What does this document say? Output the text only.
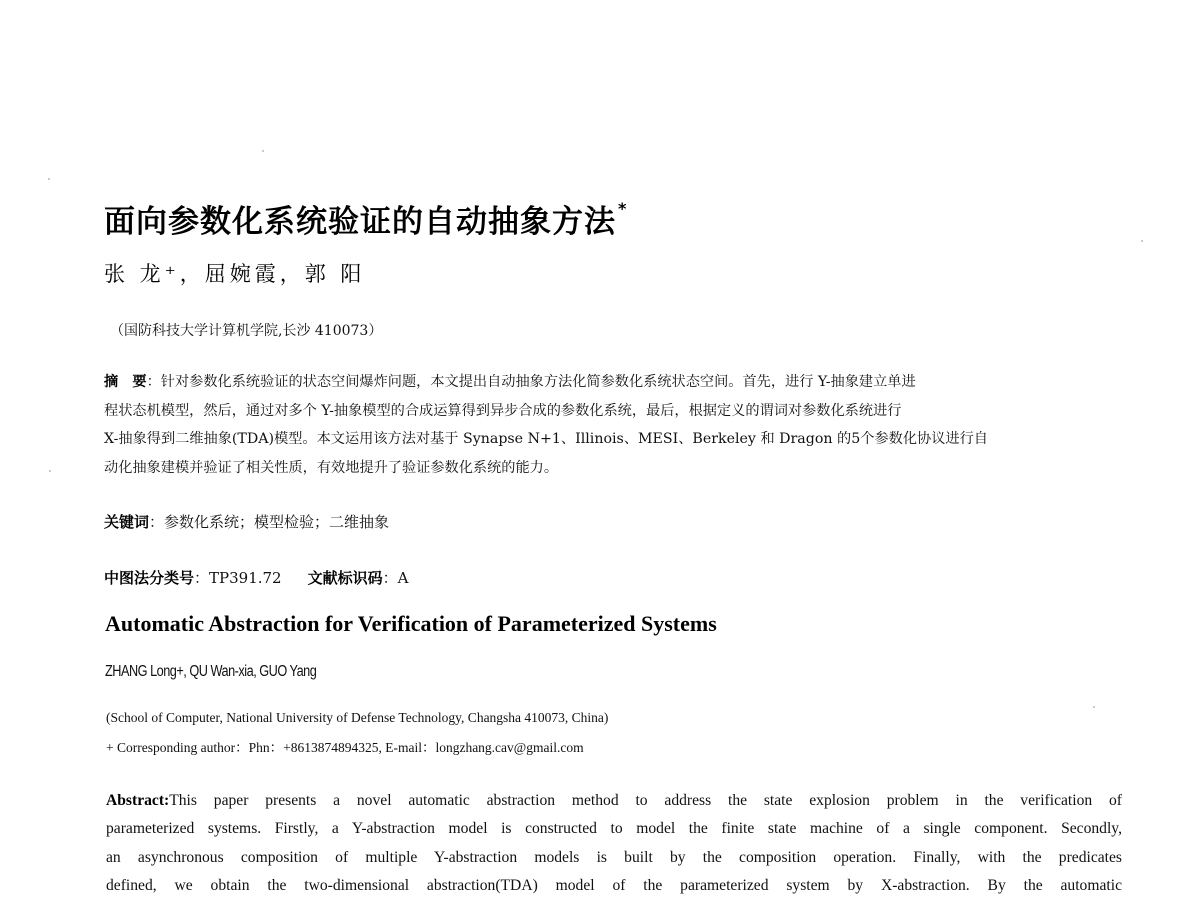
面向参数化系统验证的自动抽象方法 *
张 龙⁺，屈婉霞，郭 阳
（国防科技大学计算机学院,长沙 410073）
摘　要：针对参数化系统验证的状态空间爆炸问题，本文提出自动抽象方法化简参数化系统状态空间。首先，进行 Y-抽象建立单进
程状态机模型，然后，通过对多个 Y-抽象模型的合成运算得到异步合成的参数化系统，最后，根据定义的谓词对参数化系统进行
X-抽象得到二维抽象(TDA)模型。本文运用该方法对基于 Synapse N+1、Illinois、MESI、Berkeley 和 Dragon 的5个参数化协议进行自
动化抽象建模并验证了相关性质，有效地提升了验证参数化系统的能力。
关键词：参数化系统；模型检验；二维抽象
中图法分类号：TP391.72 文献标识码：A
Automatic Abstraction for Verification of Parameterized Systems
ZHANG Long+, QU Wan-xia, GUO Yang
(School of Computer, National University of Defense Technology, Changsha 410073, China)
+ Corresponding author：Phn：+8613874894325, E-mail：longzhang.cav@gmail.com
Abstract:This paper presents a novel automatic abstraction method to address the state explosion problem in the verification of
parameterized systems. Firstly, a Y-abstraction model is constructed to model the finite state machine of a single component. Secondly,
an asynchronous composition of multiple Y-abstraction models is built by the composition operation. Finally, with the predicates
defined, we obtain the two-dimensional abstraction(TDA) model of the parameterized system by X-abstraction. By the automatic
